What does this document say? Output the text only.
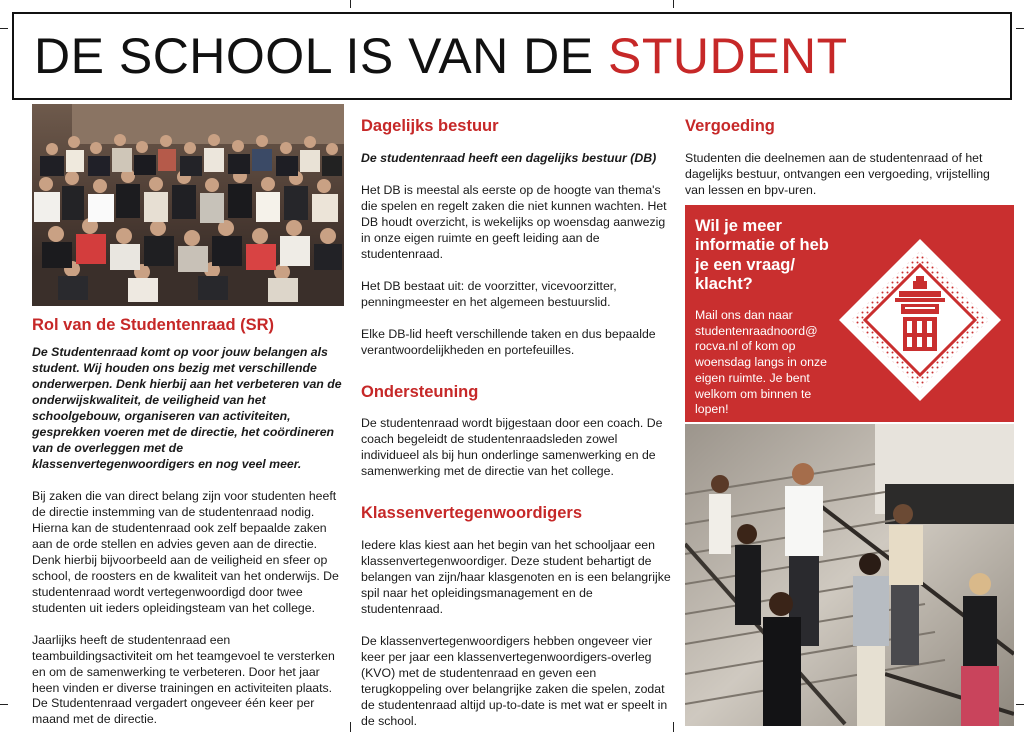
DE SCHOOL IS VAN DE STUDENT
Rol van de Studentenraad (SR)

De Studentenraad komt op voor jouw belangen als student. Wij houden ons bezig met verschillende onderwerpen. Denk hierbij aan het verbeteren van de onderwijskwaliteit, de veiligheid van het schoolgebouw, organiseren van activiteiten, gesprekken voeren met de directie, het coördineren van de overleggen met de klassenvertegenwoordigers en nog veel meer.

Bij zaken die van direct belang zijn voor studenten heeft de directie instemming van de studentenraad nodig. Hierna kan de studentenraad ook zelf bepaalde zaken aan de orde stellen en advies geven aan de directie. Denk hierbij bijvoorbeeld aan de veiligheid en sfeer op school, de roosters en de kwaliteit van het onderwijs. De studentenraad wordt vertegenwoordigd door twee studenten uit ieders opleidingsteam van het college.

Jaarlijks heeft de studentenraad een teambuildingsactiviteit om het teamgevoel te versterken en om de samenwerking te verbeteren. Door het jaar heen vinden er diverse trainingen en activiteiten plaats. De Studentenraad vergadert ongeveer één keer per maand met de directie.

Dagelijks bestuur

De studentenraad heeft een dagelijks bestuur (DB)

Het DB is meestal als eerste op de hoogte van thema's die spelen en regelt zaken die niet kunnen wachten. Het DB houdt overzicht, is wekelijks op woensdag aanwezig in onze eigen ruimte en geeft leiding aan de studentenraad.

Het DB bestaat uit: de voorzitter, vicevoorzitter, penningmeester en het algemeen bestuurslid.

Elke DB-lid heeft verschillende taken en dus bepaalde verantwoordelijkheden en portefeuilles.

Ondersteuning

De studentenraad wordt bijgestaan door een coach. De coach begeleidt de studentenraadsleden zowel individueel als bij hun onderlinge samenwerking en de samenwerking met de directie van het college.

Klassenvertegenwoordigers

Iedere klas kiest aan het begin van het schooljaar een klassenvertegenwoordiger. Deze student behartigt de belangen van zijn/haar klasgenoten en is een belangrijke spil naar het opleidingsmanagement en de studentenraad.

De klassenvertegenwoordigers hebben ongeveer vier keer per jaar een klassenvertegenwoordigers-overleg (KVO) met de studentenraad en geven een terugkoppeling over belangrijke zaken die spelen, zodat de studentenraad altijd up-to-date is met wat er speelt in de school.

Vergoeding

Studenten die deelnemen aan de studentenraad of het dagelijks bestuur, ontvangen een vergoeding, vrijstelling van lessen en bpv-uren.

Wil je meer informatie of heb je een vraag/ klacht?

Mail ons dan naar studentenraadnoord@ rocva.nl of kom op woensdag langs in onze eigen ruimte. Je bent welkom om binnen te lopen!
